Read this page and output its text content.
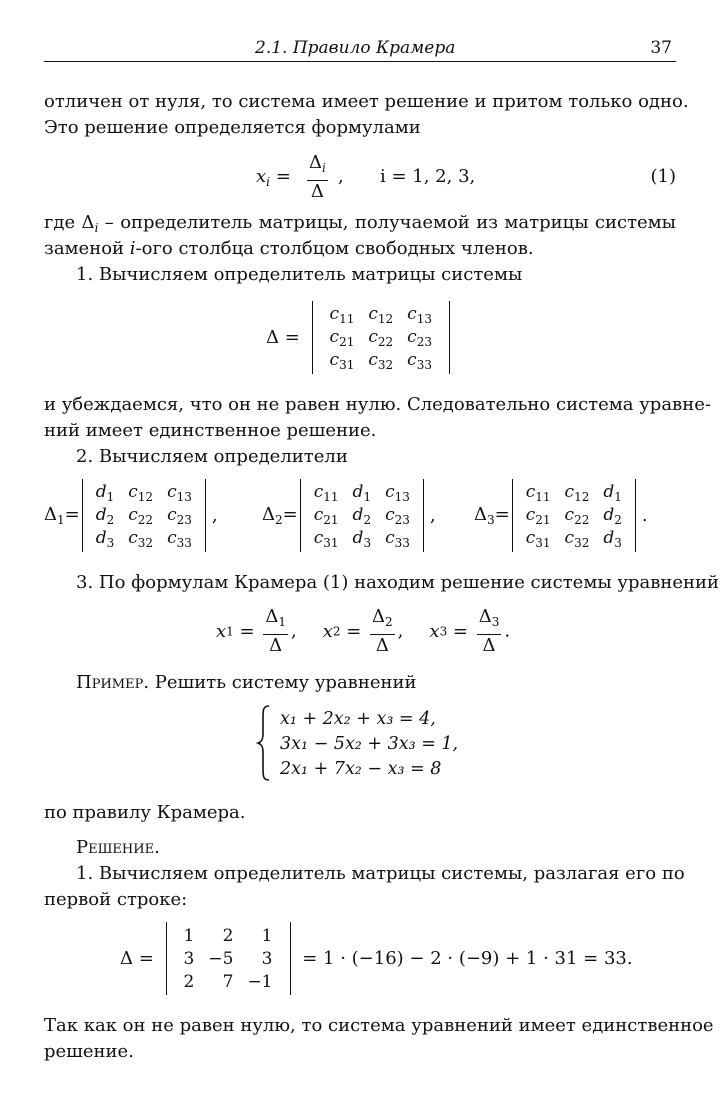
2.1. Правило Крамера	37
отличен от нуля, то система имеет решение и притом только одно.
Это решение определяется формулами
$x_i = \frac{\Delta_i}{\Delta}$ , i = 1, 2, 3,	(1)
где $\Delta_i$ – определитель матрицы, получаемой из матрицы системы
заменой i-ого столбца столбцом свободных членов.
1. Вычисляем определитель матрицы системы
Δ =
$c_{11}$	$c_{12}$	$c_{13}$
$c_{21}$	$c_{22}$	$c_{23}$
$c_{31}$	$c_{32}$	$c_{33}$
и убеждаемся, что он не равен нулю. Следовательно система уравне-
ний имеет единственное решение.
2. Вычисляем определители
$\Delta_1=$
$d_1$	$c_{12}$	$c_{13}$
$d_2$	$c_{22}$	$c_{23}$
$d_3$	$c_{32}$	$c_{33}$
, $\Delta_2=$
$c_{11}$	$d_1$	$c_{13}$
$c_{21}$	$d_2$	$c_{23}$
$c_{31}$	$d_3$	$c_{33}$
, $\Delta_3=$
$c_{11}$	$c_{12}$	$d_1$
$c_{21}$	$c_{22}$	$d_2$
$c_{31}$	$c_{32}$	$d_3$
.
3. По формулам Крамера (1) находим решение системы уравнений
$x1 = \frac{\Delta_1}{\Delta}$ , $x2 = \frac{\Delta_2}{\Delta}$ , $x3 = \frac{\Delta_3}{\Delta}$ .
Пример. Решить систему уравнений
x₁ + 2x₂ + x₃ = 4,
3x₁ − 5x₂ + 3x₃ = 1,
2x₁ + 7x₂ − x₃ = 8
по правилу Крамера.
Решение.
1. Вычисляем определитель матрицы системы, разлагая его по
первой строке:
Δ =
1	2	1
3	−5	3
2	7	−1
= 1 · (−16) − 2 · (−9) + 1 · 31 = 33.
Так как он не равен нулю, то система уравнений имеет единственное
решение.
